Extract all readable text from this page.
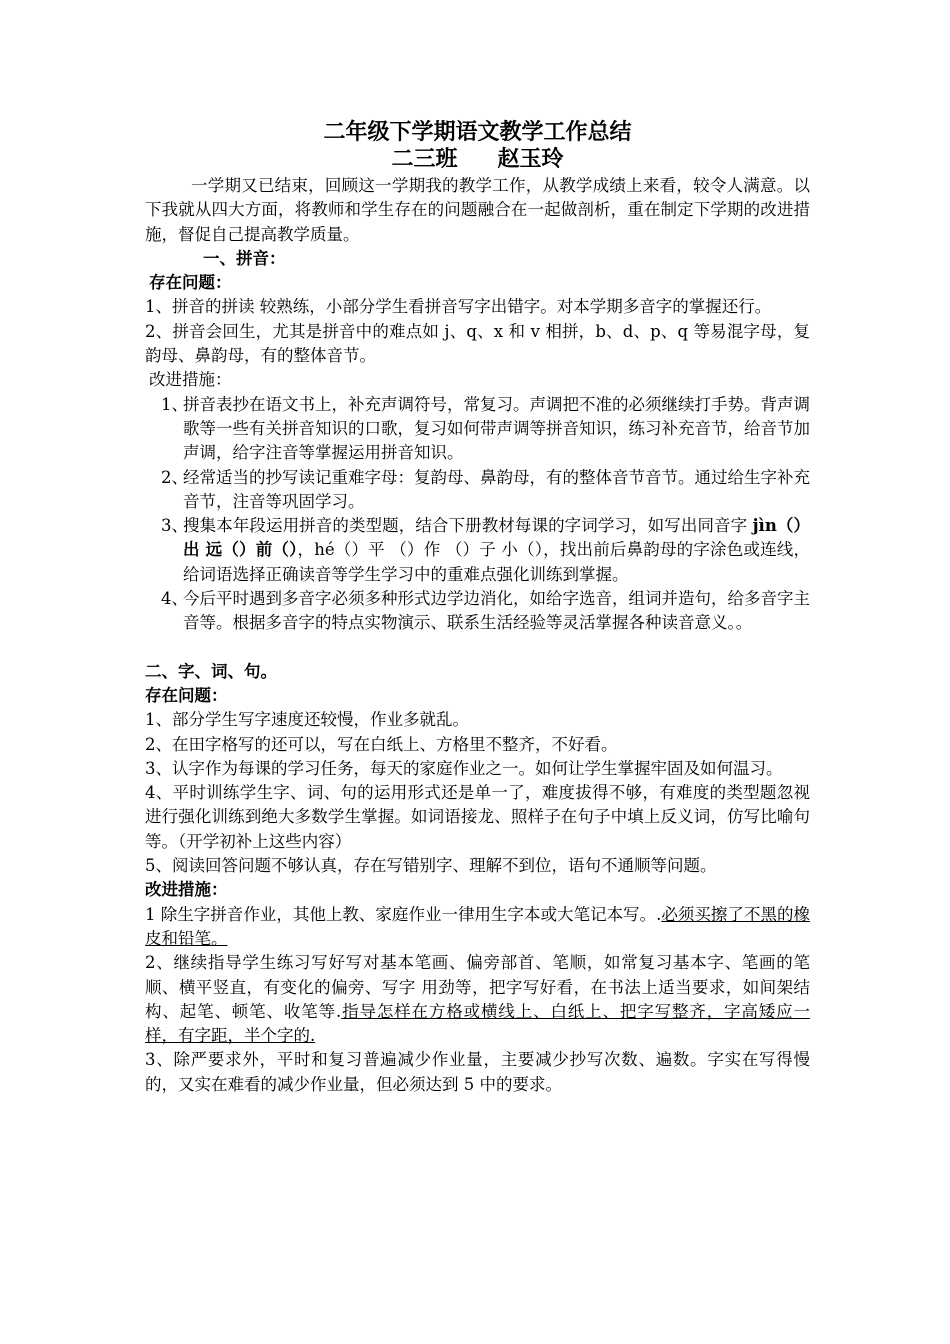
二年级下学期语文教学工作总结

二三班 赵玉玲

一学期又已结束，回顾这一学期我的教学工作，从教学成绩上来看，较令人满意。以下我就从四大方面，将教师和学生存在的问题融合在一起做剖析，重在制定下学期的改进措施，督促自己提高教学质量。

一、拼音：

存在问题：

1、拼音的拼读 较熟练，小部分学生看拼音写字出错字。对本学期多音字的掌握还行。

2、拼音会回生，尤其是拼音中的难点如 j、q、x 和 v 相拼，b、d、p、q 等易混字母，复韵母、鼻韵母，有的整体音节。

改进措施：

1、
拼音表抄在语文书上，补充声调符号，常复习。声调把不准的必须继续打手势。背声调歌等一些有关拼音知识的口歌，复习如何带声调等拼音知识，练习补充音节，给音节加声调，给字注音等掌握运用拼音知识。
2、
经常适当的抄写读记重难字母：复韵母、鼻韵母，有的整体音节音节。通过给生字补充音节，注音等巩固学习。
3、
搜集本年段运用拼音的类型题，结合下册教材每课的字词学习，如写出同音字 jìn（）出 远（）前（），hé（）平 （）作 （）子 小（），找出前后鼻韵母的字涂色或连线，给词语选择正确读音等学生学习中的重难点强化训练到掌握。
4、
今后平时遇到多音字必须多种形式边学边消化，如给字选音，组词并造句，给多音字主音等。根据多音字的特点实物演示、联系生活经验等灵活掌握各种读音意义。。

二、字、词、句。

存在问题：

1、部分学生写字速度还较慢，作业多就乱。

2、在田字格写的还可以，写在白纸上、方格里不整齐，不好看。

3、认字作为每课的学习任务，每天的家庭作业之一。如何让学生掌握牢固及如何温习。

4、平时训练学生字、词、句的运用形式还是单一了，难度拔得不够，有难度的类型题忽视进行强化训练到绝大多数学生掌握。如词语接龙、照样子在句子中填上反义词，仿写比喻句等。（开学初补上这些内容）

5、阅读回答问题不够认真，存在写错别字、理解不到位，语句不通顺等问题。

改进措施：

1 除生字拼音作业，其他上教、家庭作业一律用生字本或大笔记本写。.必须买擦了不黑的橡皮和铅笔。

2、继续指导学生练习写好写对基本笔画、偏旁部首、笔顺，如常复习基本字、笔画的笔顺、横平竖直，有变化的偏旁、写字 用劲等，把字写好看，在书法上适当要求，如间架结构、起笔、顿笔、收笔等.指导怎样在方格或横线上、白纸上、把字写整齐，字高矮应一样，有字距，半个字的.

3、除严要求外，平时和复习普遍减少作业量，主要减少抄写次数、遍数。字实在写得慢的，又实在难看的减少作业量，但必须达到 5 中的要求。
